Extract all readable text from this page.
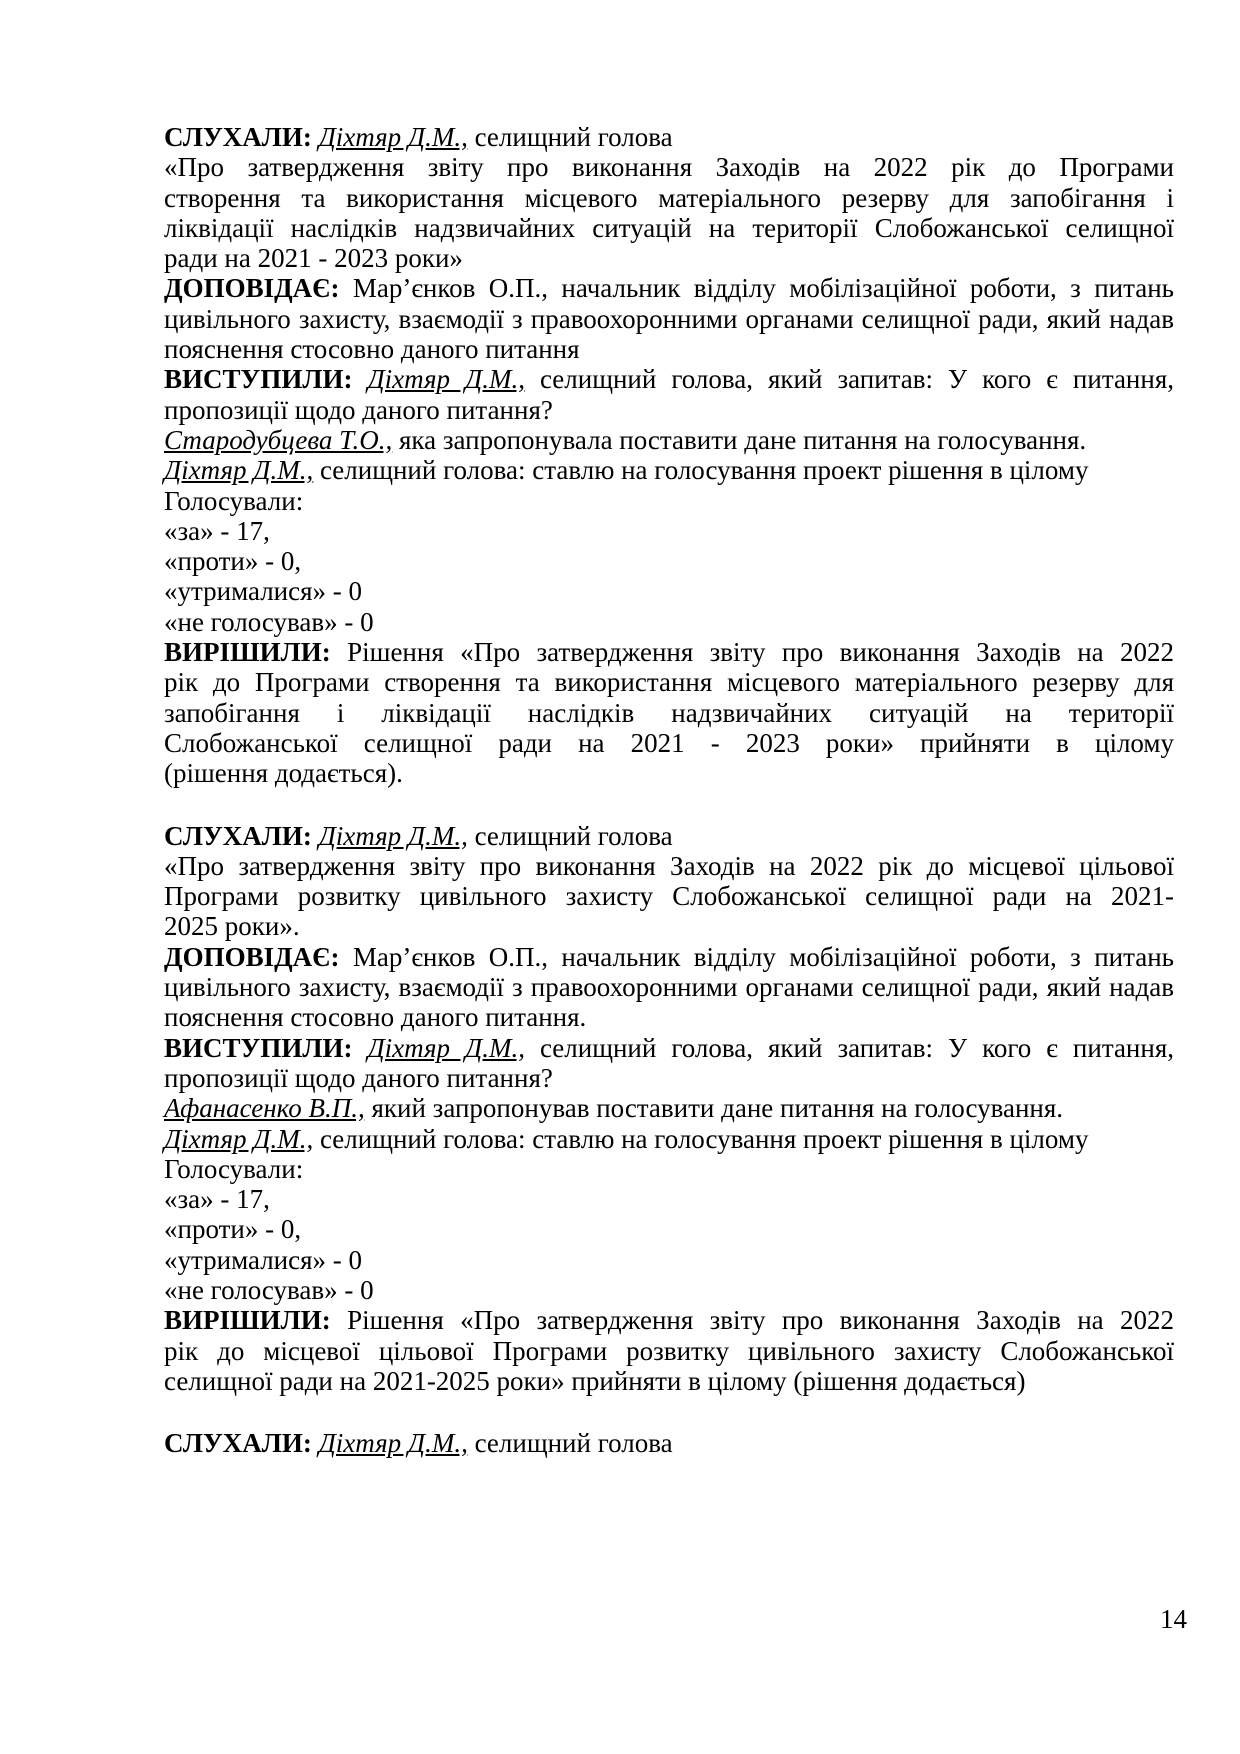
СЛУХАЛИ: Діхтяр Д.М., селищний голова
«Про затвердження звіту про виконання Заходів на 2022 рік до Програми
створення та використання місцевого матеріального резерву для запобігання і
ліквідації наслідків надзвичайних ситуацій на території Слобожанської селищної
ради на 2021 - 2023 роки»
ДОПОВІДАЄ: Мар’єнков О.П., начальник відділу мобілізаційної роботи, з питань
цивільного захисту, взаємодії з правоохоронними органами селищної ради, який надав
пояснення стосовно даного питання
ВИСТУПИЛИ: Діхтяр Д.М., селищний голова, який запитав: У кого є питання,
пропозиції щодо даного питання?
Стародубцева Т.О., яка запропонувала поставити дане питання на голосування.
Діхтяр Д.М., селищний голова: ставлю на голосування проект рішення в цілому
Голосували:
«за» - 17,
«проти» - 0,
«утрималися» - 0
«не голосував» - 0
ВИРІШИЛИ: Рішення «Про затвердження звіту про виконання Заходів на 2022
рік до Програми створення та використання місцевого матеріального резерву для
запобігання і ліквідації наслідків надзвичайних ситуацій на території
Слобожанської селищної ради на 2021 - 2023 роки» прийняти в цілому
(рішення додається).
СЛУХАЛИ: Діхтяр Д.М., селищний голова
«Про затвердження звіту про виконання Заходів на 2022 рік до місцевої цільової
Програми розвитку цивільного захисту Слобожанської селищної ради на 2021-
2025 роки».
ДОПОВІДАЄ: Мар’єнков О.П., начальник відділу мобілізаційної роботи, з питань
цивільного захисту, взаємодії з правоохоронними органами селищної ради, який надав
пояснення стосовно даного питання.
ВИСТУПИЛИ: Діхтяр Д.М., селищний голова, який запитав: У кого є питання,
пропозиції щодо даного питання?
Афанасенко В.П., який запропонував поставити дане питання на голосування.
Діхтяр Д.М., селищний голова: ставлю на голосування проект рішення в цілому
Голосували:
«за» - 17,
«проти» - 0,
«утрималися» - 0
«не голосував» - 0
ВИРІШИЛИ: Рішення «Про затвердження звіту про виконання Заходів на 2022
рік до місцевої цільової Програми розвитку цивільного захисту Слобожанської
селищної ради на 2021-2025 роки» прийняти в цілому (рішення додається)
СЛУХАЛИ: Діхтяр Д.М., селищний голова
14
